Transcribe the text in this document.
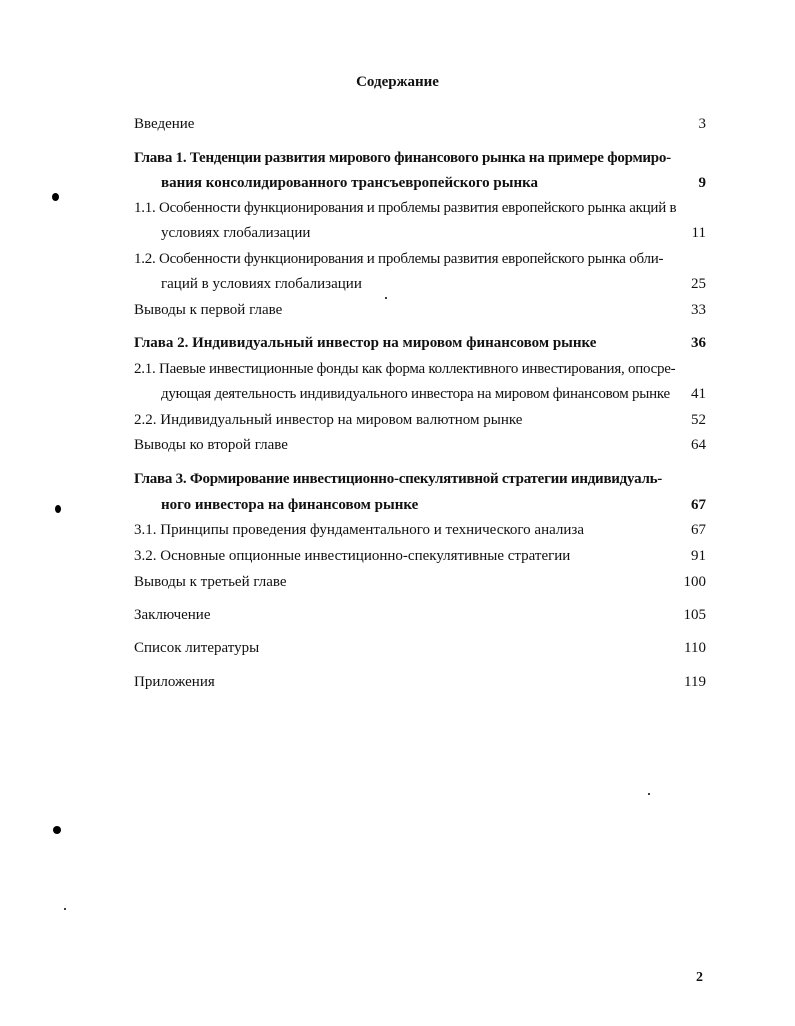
Содержание
Введение	3
Глава 1. Тенденции развития мирового финансового рынка на примере формиро-
вания консолидированного трансъевропейского рынка	9
1.1. Особенности функционирования и проблемы развития европейского рынка акций в
условиях глобализации	11
1.2. Особенности функционирования и проблемы развития европейского рынка обли-
гаций в условиях глобализации	25
Выводы к первой главе	33
Глава 2. Индивидуальный инвестор на мировом финансовом рынке	36
2.1. Паевые инвестиционные фонды как форма коллективного инвестирования, опосре-
дующая деятельность индивидуального инвестора на мировом финансовом рынке 41
2.2. Индивидуальный инвестор на мировом валютном рынке	52
Выводы ко второй главе	64
Глава 3. Формирование инвестиционно-спекулятивной стратегии индивидуаль-
ного инвестора на финансовом рынке	67
3.1. Принципы проведения фундаментального и технического анализа	67
3.2. Основные опционные инвестиционно-спекулятивные стратегии	91
Выводы к третьей главе	100
Заключение	105
Список литературы	110
Приложения	119
2
